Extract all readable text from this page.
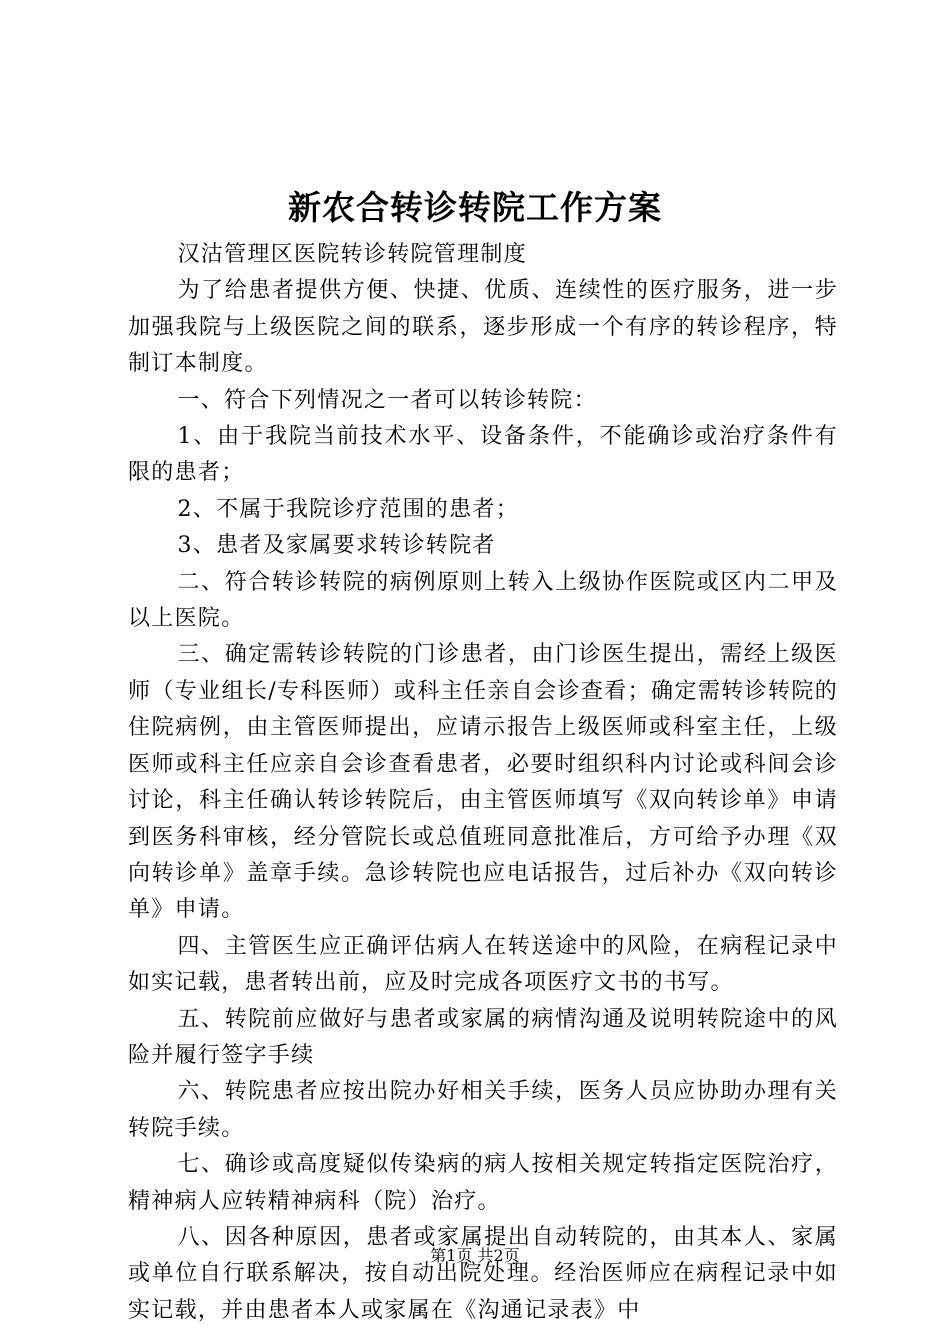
新农合转诊转院工作方案

汉沽管理区医院转诊转院管理制度

为了给患者提供方便、快捷、优质、连续性的医疗服务，进一步加强我院与上级医院之间的联系，逐步形成一个有序的转诊程序，特制订本制度。

一、符合下列情况之一者可以转诊转院：

1、由于我院当前技术水平、设备条件，不能确诊或治疗条件有限的患者；

2、不属于我院诊疗范围的患者；

3、患者及家属要求转诊转院者

二、符合转诊转院的病例原则上转入上级协作医院或区内二甲及以上医院。

三、确定需转诊转院的门诊患者，由门诊医生提出，需经上级医师（专业组长/专科医师）或科主任亲自会诊查看；确定需转诊转院的住院病例，由主管医师提出，应请示报告上级医师或科室主任，上级医师或科主任应亲自会诊查看患者，必要时组织科内讨论或科间会诊讨论，科主任确认转诊转院后，由主管医师填写《双向转诊单》申请到医务科审核，经分管院长或总值班同意批准后，方可给予办理《双向转诊单》盖章手续。急诊转院也应电话报告，过后补办《双向转诊单》申请。

四、主管医生应正确评估病人在转送途中的风险，在病程记录中如实记载，患者转出前，应及时完成各项医疗文书的书写。

五、转院前应做好与患者或家属的病情沟通及说明转院途中的风险并履行签字手续

六、转院患者应按出院办好相关手续，医务人员应协助办理有关转院手续。

七、确诊或高度疑似传染病的病人按相关规定转指定医院治疗，精神病人应转精神病科（院）治疗。

八、因各种原因，患者或家属提出自动转院的，由其本人、家属或单位自行联系解决，按自动出院处理。经治医师应在病程记录中如实记载，并由患者本人或家属在《沟通记录表》中

第1页 共2页
